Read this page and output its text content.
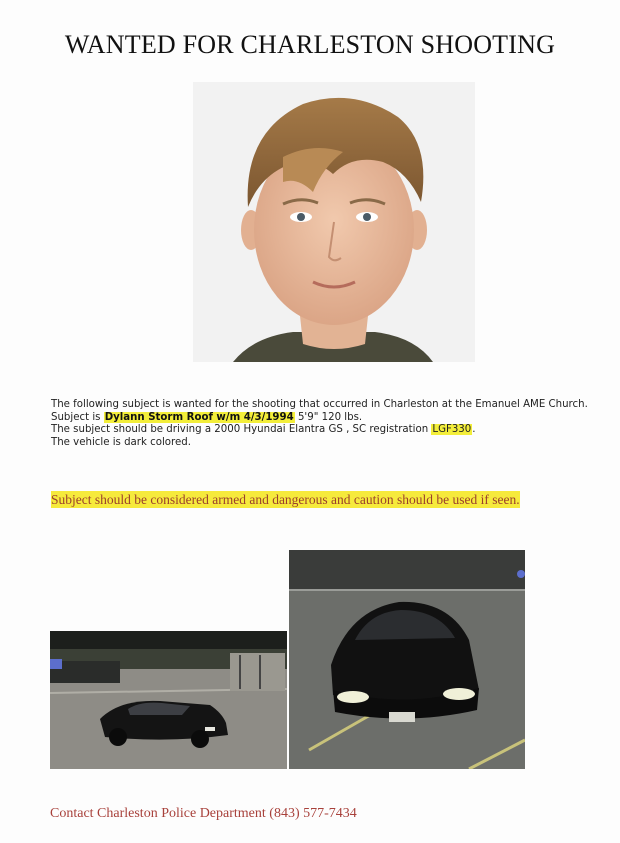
WANTED FOR CHARLESTON SHOOTING

The following subject is wanted for the shooting that occurred in Charleston at the Emanuel AME Church. Subject is Dylann Storm Roof w/m 4/3/1994 5'9" 120 lbs.

The subject should be driving a 2000 Hyundai Elantra GS , SC registration LGF330.

The vehicle is dark colored.

Subject should be considered armed and dangerous and caution should be used if seen.
Contact Charleston Police Department (843) 577-7434
